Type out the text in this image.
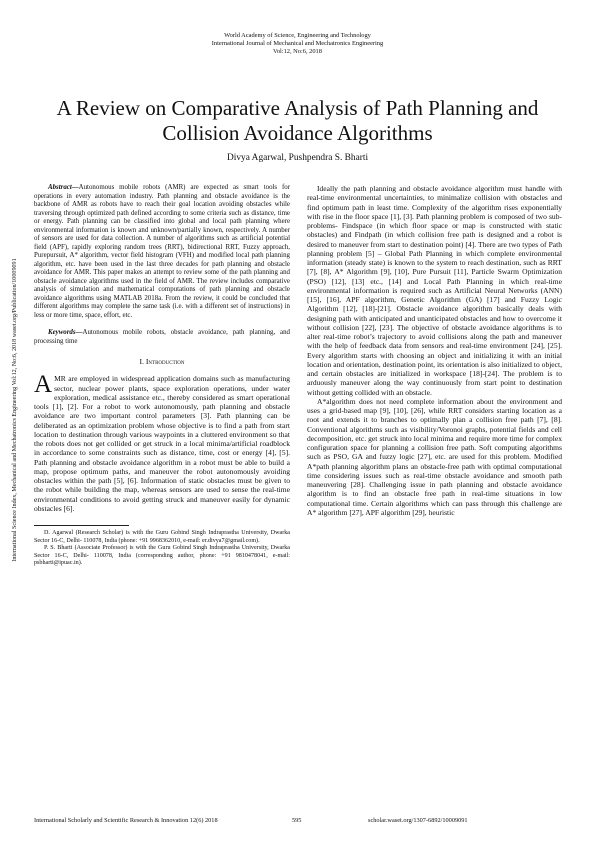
World Academy of Science, Engineering and Technology
International Journal of Mechanical and Mechatronics Engineering
Vol:12, No:6, 2018
A Review on Comparative Analysis of Path Planning and Collision Avoidance Algorithms
Divya Agarwal, Pushpendra S. Bharti
International Science Index, Mechanical and Mechatronics Engineering Vol:12, No:6, 2018 waset.org/Publication/10009091

Abstract—Autonomous mobile robots (AMR) are expected as smart tools for operations in every automation industry. Path planning and obstacle avoidance is the backbone of AMR as robots have to reach their goal location avoiding obstacles while traversing through optimized path defined according to some criteria such as distance, time or energy. Path planning can be classified into global and local path planning where environmental information is known and unknown/partially known, respectively. A number of sensors are used for data collection. A number of algorithms such as artificial potential field (APF), rapidly exploring random trees (RRT), bidirectional RRT, Fuzzy approach, Purepursuit, A* algorithm, vector field histogram (VFH) and modified local path planning algorithm, etc. have been used in the last three decades for path planning and obstacle avoidance for AMR. This paper makes an attempt to review some of the path planning and obstacle avoidance algorithms used in the field of AMR. The review includes comparative analysis of simulation and mathematical computations of path planning and obstacle avoidance algorithms using MATLAB 2018a. From the review, it could be concluded that different algorithms may complete the same task (i.e. with a different set of instructions) in less or more time, space, effort, etc.

Keywords—Autonomous mobile robots, obstacle avoidance, path planning, and processing time

I. Introduction

AMR are employed in widespread application domains such as manufacturing sector, nuclear power plants, space exploration operations, under water exploration, medical assistance etc., thereby considered as smart operational tools [1], [2]. For a robot to work autonomously, path planning and obstacle avoidance are two important control parameters [3]. Path planning can be deliberated as an optimization problem whose objective is to find a path from start location to destination through various waypoints in a cluttered environment so that the robots does not get collided or get struck in a local minima/artificial roadblock in accordance to some constraints such as distance, time, cost or energy [4], [5]. Path planning and obstacle avoidance algorithm in a robot must be able to build a map, propose optimum paths, and maneuver the robot autonomously avoiding obstacles within the path [5], [6]. Information of static obstacles must be given to the robot while building the map, whereas sensors are used to sense the real-time environmental conditions to avoid getting struck and maneuver easily for dynamic obstacles [6].

D. Agarwal (Research Scholar) is with the Guru Gobind Singh Indraprastha University, Dwarka Sector 16-C, Delhi- 110078, India (phone: +91 9968362010, e-mail: er.divya7@gmail.com).

P. S. Bharti (Associate Professor) is with the Guru Gobind Singh Indraprastha University, Dwarka Sector 16-C, Delhi- 110078, India (corresponding author, phone: +91 9810478041, e-mail: psbharti@ipuac.in).

Ideally the path planning and obstacle avoidance algorithm must handle with real-time environmental uncertainties, to minimalize collision with obstacles and find optimum path in least time. Complexity of the algorithm rises exponentially with rise in the floor space [1], [3]. Path planning problem is composed of two sub-problems- Findspace (in which floor space or map is constructed with static obstacles) and Findpath (in which collision free path is designed and a robot is desired to maneuver from start to destination point) [4]. There are two types of Path planning problem [5] – Global Path Planning in which complete environmental information (steady state) is known to the system to reach destination, such as RRT [7], [8], A* Algorithm [9], [10], Pure Pursuit [11], Particle Swarm Optimization (PSO) [12], [13] etc., [14] and Local Path Planning in which real-time environmental information is required such as Artificial Neural Networks (ANN) [15], [16], APF algorithm, Genetic Algorithm (GA) [17] and Fuzzy Logic Algorithm [12], [18]-[21]. Obstacle avoidance algorithm basically deals with designing path with anticipated and unanticipated obstacles and how to overcome it without collision [22], [23]. The objective of obstacle avoidance algorithms is to alter real-time robot’s trajectory to avoid collisions along the path and maneuver with the help of feedback data from sensors and real-time environment [24], [25]. Every algorithm starts with choosing an object and initializing it with an initial location and orientation, destination point, its orientation is also initialized to object, and certain obstacles are initialized in workspace [18]-[24]. The problem is to arduously maneuver along the way continuously from start point to destination without getting collided with an obstacle.

A*algorithm does not need complete information about the environment and uses a grid-based map [9], [10], [26], while RRT considers starting location as a root and extends it to branches to optimally plan a collision free path [7], [8]. Conventional algorithms such as visibility/Voronoi graphs, potential fields and cell decomposition, etc. get struck into local minima and require more time for complex configuration space for planning a collision free path. Soft computing algorithms such as PSO, GA and fuzzy logic [27], etc. are used for this problem. Modified A*path planning algorithm plans an obstacle-free path with optimal computational time considering issues such as real-time obstacle avoidance and smooth path maneuvering [28]. Challenging issue in path planning and obstacle avoidance algorithm is to find an obstacle free path in real-time situations in low computational time. Certain algorithms which can pass through this challenge are A* algorithm [27], APF algorithm [29], heuristic

International Scholarly and Scientific Research & Innovation 12(6) 2018	595	scholar.waset.org/1307-6892/10009091
